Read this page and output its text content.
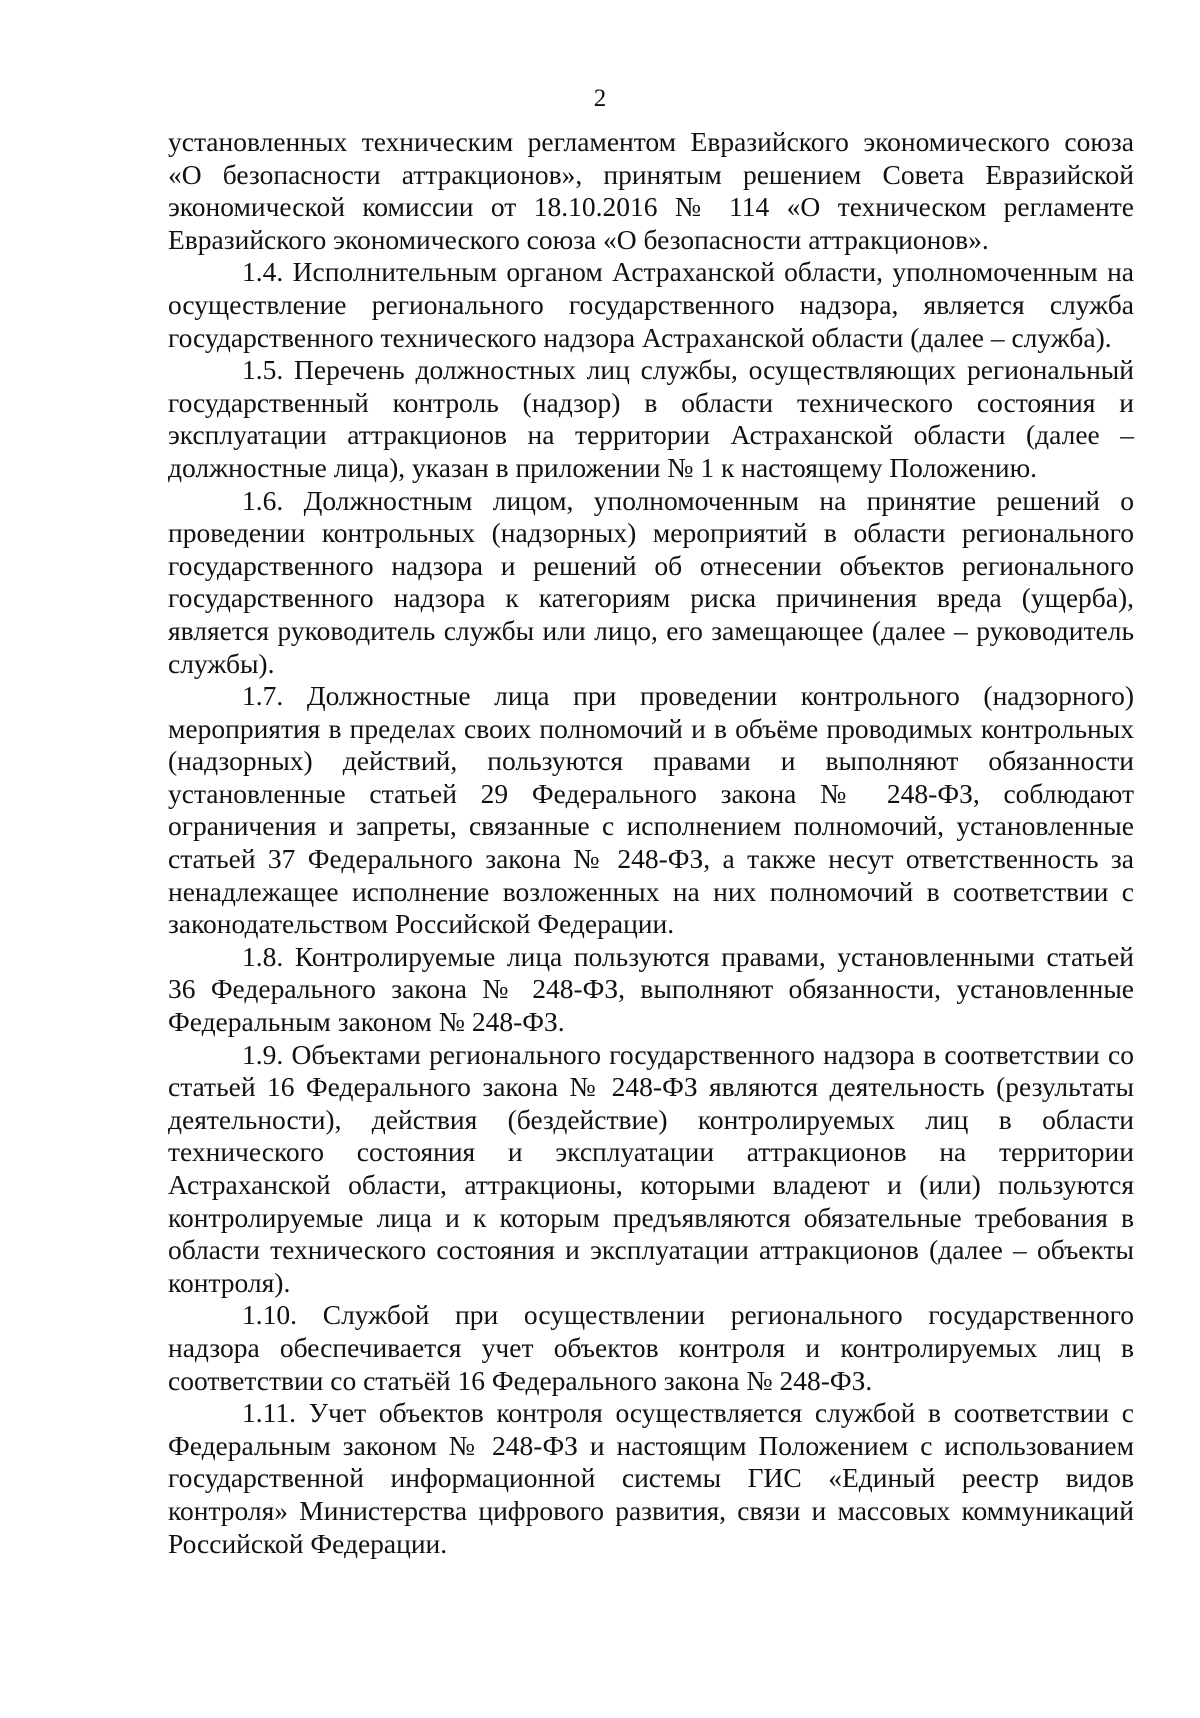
2

установленных техническим регламентом Евразийского экономического союза «О безопасности аттракционов», принятым решением Совета Евразийской экономической комиссии от 18.10.2016 № 114 «О техническом регламенте Евразийского экономического союза «О безопасности аттракционов».

1.4. Исполнительным органом Астраханской области, уполномоченным на осуществление регионального государственного надзора, является служба государственного технического надзора Астраханской области (далее – служба).

1.5. Перечень должностных лиц службы, осуществляющих региональный государственный контроль (надзор) в области технического состояния и эксплуатации аттракционов на территории Астраханской области (далее – должностные лица), указан в приложении № 1 к настоящему Положению.

1.6. Должностным лицом, уполномоченным на принятие решений о проведении контрольных (надзорных) мероприятий в области регионального государственного надзора и решений об отнесении объектов регионального государственного надзора к категориям риска причинения вреда (ущерба), является руководитель службы или лицо, его замещающее (далее – руководитель службы).

1.7. Должностные лица при проведении контрольного (надзорного) мероприятия в пределах своих полномочий и в объёме проводимых контрольных (надзорных) действий, пользуются правами и выполняют обязанности установленные статьей 29 Федерального закона № 248-ФЗ, соблюдают ограничения и запреты, связанные с исполнением полномочий, установленные статьей 37 Федерального закона № 248-ФЗ, а также несут ответственность за ненадлежащее исполнение возложенных на них полномочий в соответствии с законодательством Российской Федерации.

1.8. Контролируемые лица пользуются правами, установленными статьей 36 Федерального закона № 248-ФЗ, выполняют обязанности, установленные Федеральным законом № 248-ФЗ.

1.9. Объектами регионального государственного надзора в соответствии со статьей 16 Федерального закона № 248-ФЗ являются деятельность (результаты деятельности), действия (бездействие) контролируемых лиц в области технического состояния и эксплуатации аттракционов на территории Астраханской области, аттракционы, которыми владеют и (или) пользуются контролируемые лица и к которым предъявляются обязательные требования в области технического состояния и эксплуатации аттракционов (далее – объекты контроля).

1.10. Службой при осуществлении регионального государственного надзора обеспечивается учет объектов контроля и контролируемых лиц в соответствии со статьёй 16 Федерального закона № 248-ФЗ.

1.11. Учет объектов контроля осуществляется службой в соответствии с Федеральным законом № 248-ФЗ и настоящим Положением с использованием государственной информационной системы ГИС «Единый реестр видов контроля» Министерства цифрового развития, связи и массовых коммуникаций Российской Федерации.
